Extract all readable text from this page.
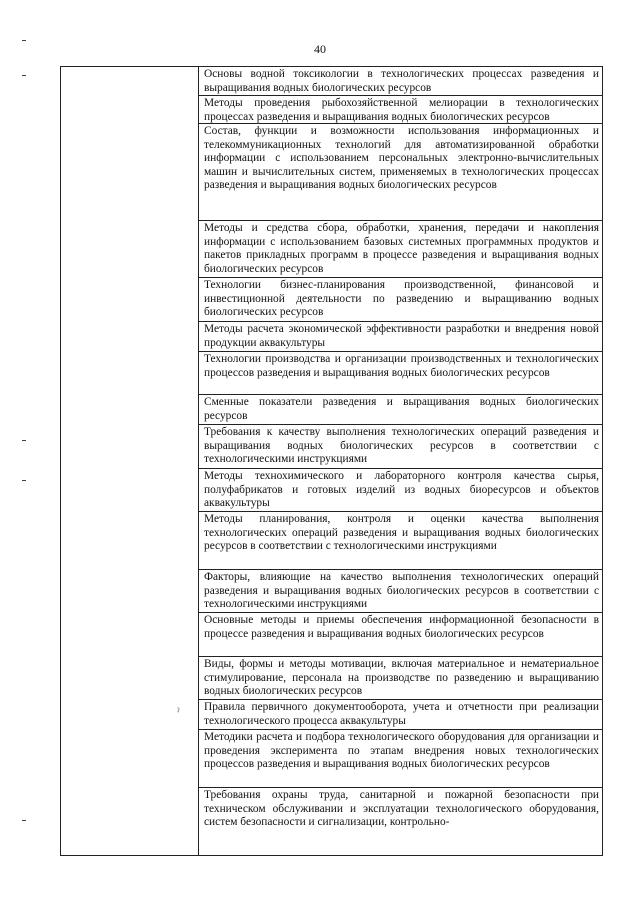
40
ˀ
Основы водной токсикологии в технологических процессах разведения и выращивания водных биологических ресурсов
Методы проведения рыбохозяйственной мелиорации в технологических процессах разведения и выращивания водных биологических ресурсов
Состав, функции и возможности использования информационных и телекоммуникационных технологий для автоматизированной обработки информации с использованием персональных электронно-вычислительных машин и вычислительных систем, применяемых в технологических процессах разведения и выращивания водных биологических ресурсов
Методы и средства сбора, обработки, хранения, передачи и накопления информации с использованием базовых системных программных продуктов и пакетов прикладных программ в процессе разведения и выращивания водных биологических ресурсов
Технологии бизнес-планирования производственной, финансовой и инвестиционной деятельности по разведению и выращиванию водных биологических ресурсов
Методы расчета экономической эффективности разработки и внедрения новой продукции аквакультуры
Технологии производства и организации производственных и технологических процессов разведения и выращивания водных биологических ресурсов
Сменные показатели разведения и выращивания водных биологических ресурсов
Требования к качеству выполнения технологических операций разведения и выращивания водных биологических ресурсов в соответствии с технологическими инструкциями
Методы технохимического и лабораторного контроля качества сырья, полуфабрикатов и готовых изделий из водных биоресурсов и объектов аквакультуры
Методы планирования, контроля и оценки качества выполнения технологических операций разведения и выращивания водных биологических ресурсов в соответствии с технологическими инструкциями
Факторы, влияющие на качество выполнения технологических операций разведения и выращивания водных биологических ресурсов в соответствии с технологическими инструкциями
Основные методы и приемы обеспечения информационной безопасности в процессе разведения и выращивания водных биологических ресурсов
Виды, формы и методы мотивации, включая материальное и нематериальное стимулирование, персонала на производстве по разведению и выращиванию водных биологических ресурсов
Правила первичного документооборота, учета и отчетности при реализации технологического процесса аквакультуры
Методики расчета и подбора технологического оборудования для организации и проведения эксперимента по этапам внедрения новых технологических процессов разведения и выращивания водных биологических ресурсов
Требования охраны труда, санитарной и пожарной безопасности при техническом обслуживании и эксплуатации технологического оборудования, систем безопасности и сигнализации, контрольно-
